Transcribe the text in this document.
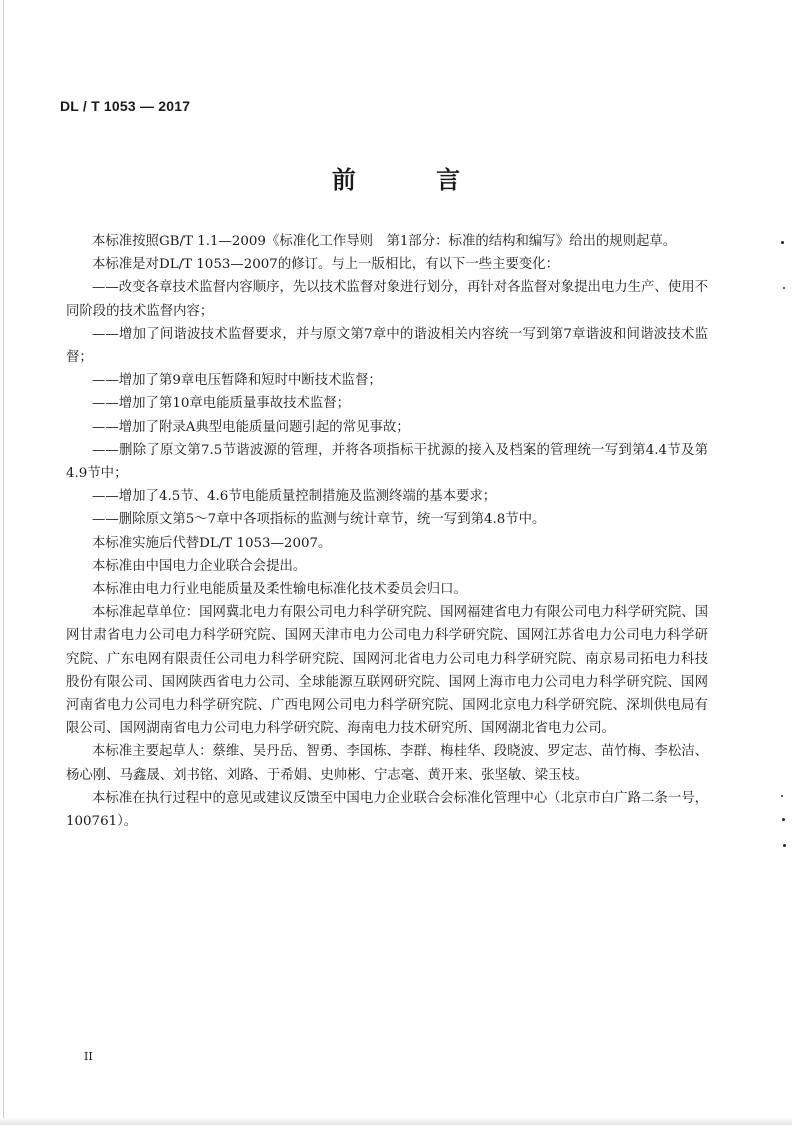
DL / T 1053 — 2017
前 言

本标准按照GB/T 1.1—2009《标准化工作导则　第1部分：标准的结构和编写》给出的规则起草。

本标准是对DL/T 1053—2007的修订。与上一版相比，有以下一些主要变化：

——改变各章技术监督内容顺序，先以技术监督对象进行划分，再针对各监督对象提出电力生产、使用不同阶段的技术监督内容；

——增加了间谐波技术监督要求，并与原文第7章中的谐波相关内容统一写到第7章谐波和间谐波技术监督；

——增加了第9章电压暂降和短时中断技术监督；

——增加了第10章电能质量事故技术监督；

——增加了附录A典型电能质量问题引起的常见事故；

——删除了原文第7.5节谐波源的管理，并将各项指标干扰源的接入及档案的管理统一写到第4.4节及第4.9节中；

——增加了4.5节、4.6节电能质量控制措施及监测终端的基本要求；

——删除原文第5～7章中各项指标的监测与统计章节，统一写到第4.8节中。

本标准实施后代替DL/T 1053—2007。

本标准由中国电力企业联合会提出。

本标准由电力行业电能质量及柔性输电标准化技术委员会归口。

本标准起草单位：国网冀北电力有限公司电力科学研究院、国网福建省电力有限公司电力科学研究院、国网甘肃省电力公司电力科学研究院、国网天津市电力公司电力科学研究院、国网江苏省电力公司电力科学研究院、广东电网有限责任公司电力科学研究院、国网河北省电力公司电力科学研究院、南京易司拓电力科技股份有限公司、国网陕西省电力公司、全球能源互联网研究院、国网上海市电力公司电力科学研究院、国网河南省电力公司电力科学研究院、广西电网公司电力科学研究院、国网北京电力科学研究院、深圳供电局有限公司、国网湖南省电力公司电力科学研究院、海南电力技术研究所、国网湖北省电力公司。

本标准主要起草人：蔡维、吴丹岳、智勇、李国栋、李群、梅桂华、段晓波、罗定志、苗竹梅、李松洁、杨心刚、马鑫晟、刘书铭、刘路、于希娟、史帅彬、宁志毫、黄开来、张坚敏、梁玉枝。

本标准在执行过程中的意见或建议反馈至中国电力企业联合会标准化管理中心（北京市白广路二条一号，100761）。

II
